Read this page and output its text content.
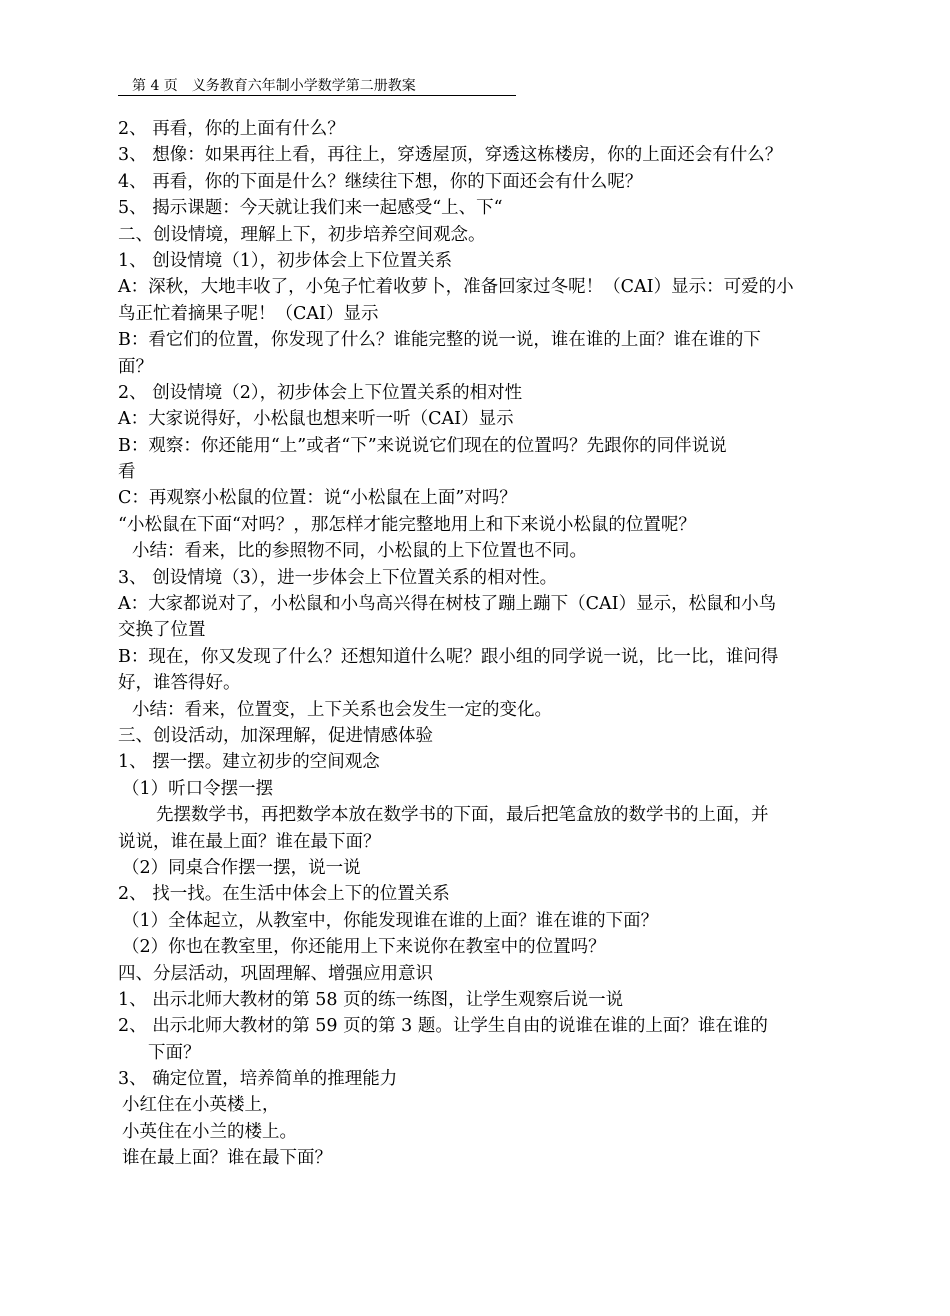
第 4 页 义务教育六年制小学数学第二册教案
2、 再看，你的上面有什么？
3、 想像：如果再往上看，再往上，穿透屋顶，穿透这栋楼房，你的上面还会有什么？
4、 再看，你的下面是什么？继续往下想，你的下面还会有什么呢？
5、 揭示课题：今天就让我们来一起感受“上、下“
二、创设情境，理解上下，初步培养空间观念。
1、 创设情境（1），初步体会上下位置关系
A：深秋，大地丰收了，小兔子忙着收萝卜，准备回家过冬呢！（CAI）显示：可爱的小
鸟正忙着摘果子呢！（CAI）显示
B：看它们的位置，你发现了什么？谁能完整的说一说，谁在谁的上面？谁在谁的下
面？
2、 创设情境（2），初步体会上下位置关系的相对性
A：大家说得好，小松鼠也想来听一听（CAI）显示
B：观察：你还能用“上”或者“下”来说说它们现在的位置吗？先跟你的同伴说说
看
C：再观察小松鼠的位置：说“小松鼠在上面”对吗？
“小松鼠在下面“对吗？，那怎样才能完整地用上和下来说小松鼠的位置呢？
小结：看来，比的参照物不同，小松鼠的上下位置也不同。
3、 创设情境（3），进一步体会上下位置关系的相对性。
A：大家都说对了，小松鼠和小鸟高兴得在树枝了蹦上蹦下（CAI）显示，松鼠和小鸟
交换了位置
B：现在，你又发现了什么？还想知道什么呢？跟小组的同学说一说，比一比，谁问得
好，谁答得好。
小结：看来，位置变，上下关系也会发生一定的变化。
三、创设活动，加深理解，促进情感体验
1、 摆一摆。建立初步的空间观念
（1）听口令摆一摆
先摆数学书，再把数学本放在数学书的下面，最后把笔盒放的数学书的上面，并
说说，谁在最上面？谁在最下面？
（2）同桌合作摆一摆，说一说
2、 找一找。在生活中体会上下的位置关系
（1）全体起立，从教室中，你能发现谁在谁的上面？谁在谁的下面？
（2）你也在教室里，你还能用上下来说你在教室中的位置吗？
四、分层活动，巩固理解、增强应用意识
1、 出示北师大教材的第 58 页的练一练图，让学生观察后说一说
2、 出示北师大教材的第 59 页的第 3 题。让学生自由的说谁在谁的上面？谁在谁的
下面？
3、 确定位置，培养简单的推理能力
小红住在小英楼上，
小英住在小兰的楼上。
谁在最上面？谁在最下面？
